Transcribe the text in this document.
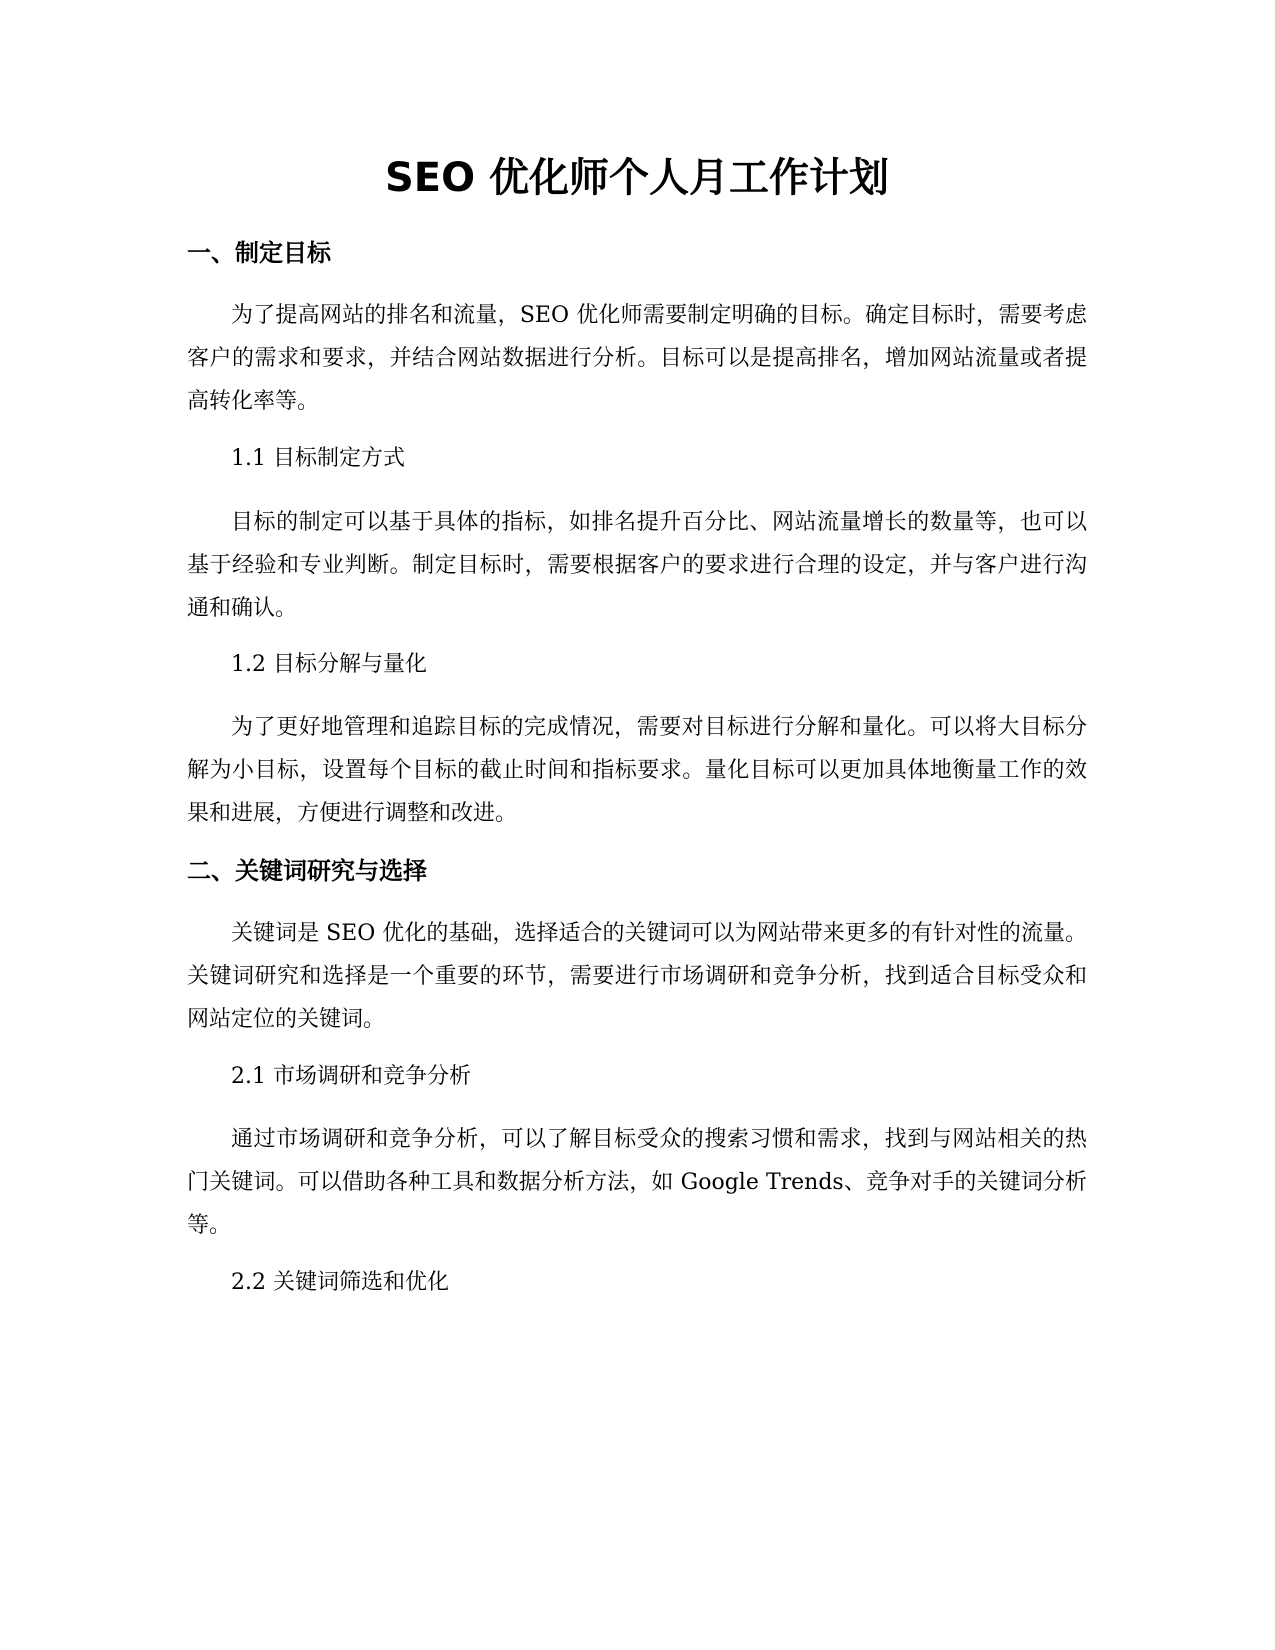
SEO 优化师个人月工作计划
一、制定目标

为了提高网站的排名和流量，SEO 优化师需要制定明确的目标。确定目标时，需要考虑客户的需求和要求，并结合网站数据进行分析。目标可以是提高排名，增加网站流量或者提高转化率等。

1.1 目标制定方式

目标的制定可以基于具体的指标，如排名提升百分比、网站流量增长的数量等，也可以基于经验和专业判断。制定目标时，需要根据客户的要求进行合理的设定，并与客户进行沟通和确认。

1.2 目标分解与量化

为了更好地管理和追踪目标的完成情况，需要对目标进行分解和量化。可以将大目标分解为小目标，设置每个目标的截止时间和指标要求。量化目标可以更加具体地衡量工作的效果和进展，方便进行调整和改进。

二、关键词研究与选择

关键词是 SEO 优化的基础，选择适合的关键词可以为网站带来更多的有针对性的流量。关键词研究和选择是一个重要的环节，需要进行市场调研和竞争分析，找到适合目标受众和网站定位的关键词。

2.1 市场调研和竞争分析

通过市场调研和竞争分析，可以了解目标受众的搜索习惯和需求，找到与网站相关的热门关键词。可以借助各种工具和数据分析方法，如 Google Trends、竞争对手的关键词分析等。

2.2 关键词筛选和优化
